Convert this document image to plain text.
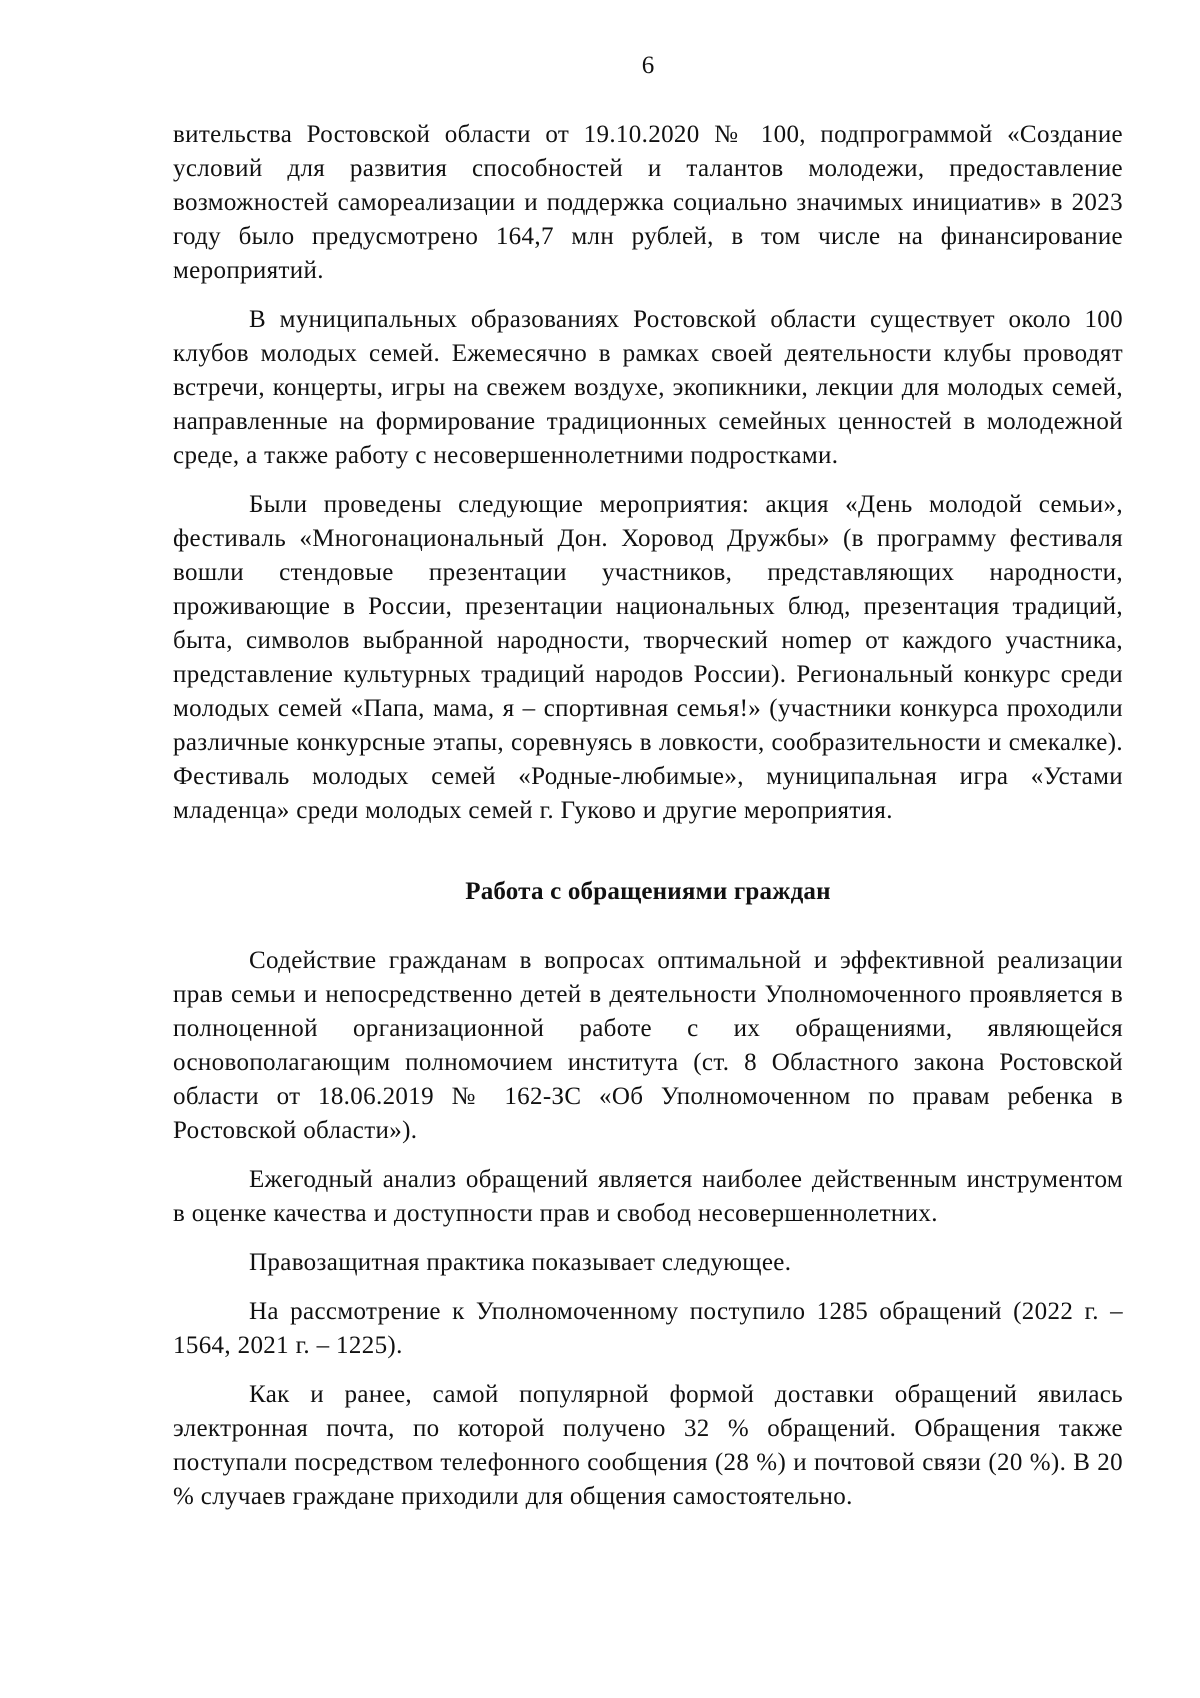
6

вительства Ростовской области от 19.10.2020 № 100, подпрограммой «Создание условий для развития способностей и талантов молодежи, предоставление возможностей самореализации и поддержка социально значимых инициатив» в 2023 году было предусмотрено 164,7 млн рублей, в том числе на финансирование мероприятий.

В муниципальных образованиях Ростовской области существует около 100 клубов молодых семей. Ежемесячно в рамках своей деятельности клубы проводят встречи, концерты, игры на свежем воздухе, экопикники, лекции для молодых семей, направленные на формирование традиционных семейных ценностей в молодежной среде, а также работу с несовершеннолетними подростками.

Были проведены следующие мероприятия: акция «День молодой семьи», фестиваль «Многонациональный Дон. Хоровод Дружбы» (в программу фестиваля вошли стендовые презентации участников, представляющих народности, проживающие в России, презентации национальных блюд, презентация традиций, быта, символов выбранной народности, творческий ноmер от каждого участника, представление культурных традиций народов России). Региональный конкурс среди молодых семей «Папа, мама, я – спортивная семья!» (участники конкурса проходили различные конкурсные этапы, соревнуясь в ловкости, сообразительности и смекалке). Фестиваль молодых семей «Родные-любимые», муниципальная игра «Устами младенца» среди молодых семей г. Гуково и другие мероприятия.

Работа с обращениями граждан

Содействие гражданам в вопросах оптимальной и эффективной реализации прав семьи и непосредственно детей в деятельности Уполномоченного проявляется в полноценной организационной работе с их обращениями, являющейся основополагающим полномочием института (ст. 8 Областного закона Ростовской области от 18.06.2019 № 162-ЗС «Об Уполномоченном по правам ребенка в Ростовской области»).

Ежегодный анализ обращений является наиболее действенным инструментом в оценке качества и доступности прав и свобод несовершеннолетних.

Правозащитная практика показывает следующее.

На рассмотрение к Уполномоченному поступило 1285 обращений (2022 г. – 1564, 2021 г. – 1225).

Как и ранее, самой популярной формой доставки обращений явилась электронная почта, по которой получено 32 % обращений. Обращения также поступали посредством телефонного сообщения (28 %) и почтовой связи (20 %). В 20 % случаев граждане приходили для общения самостоятельно.
